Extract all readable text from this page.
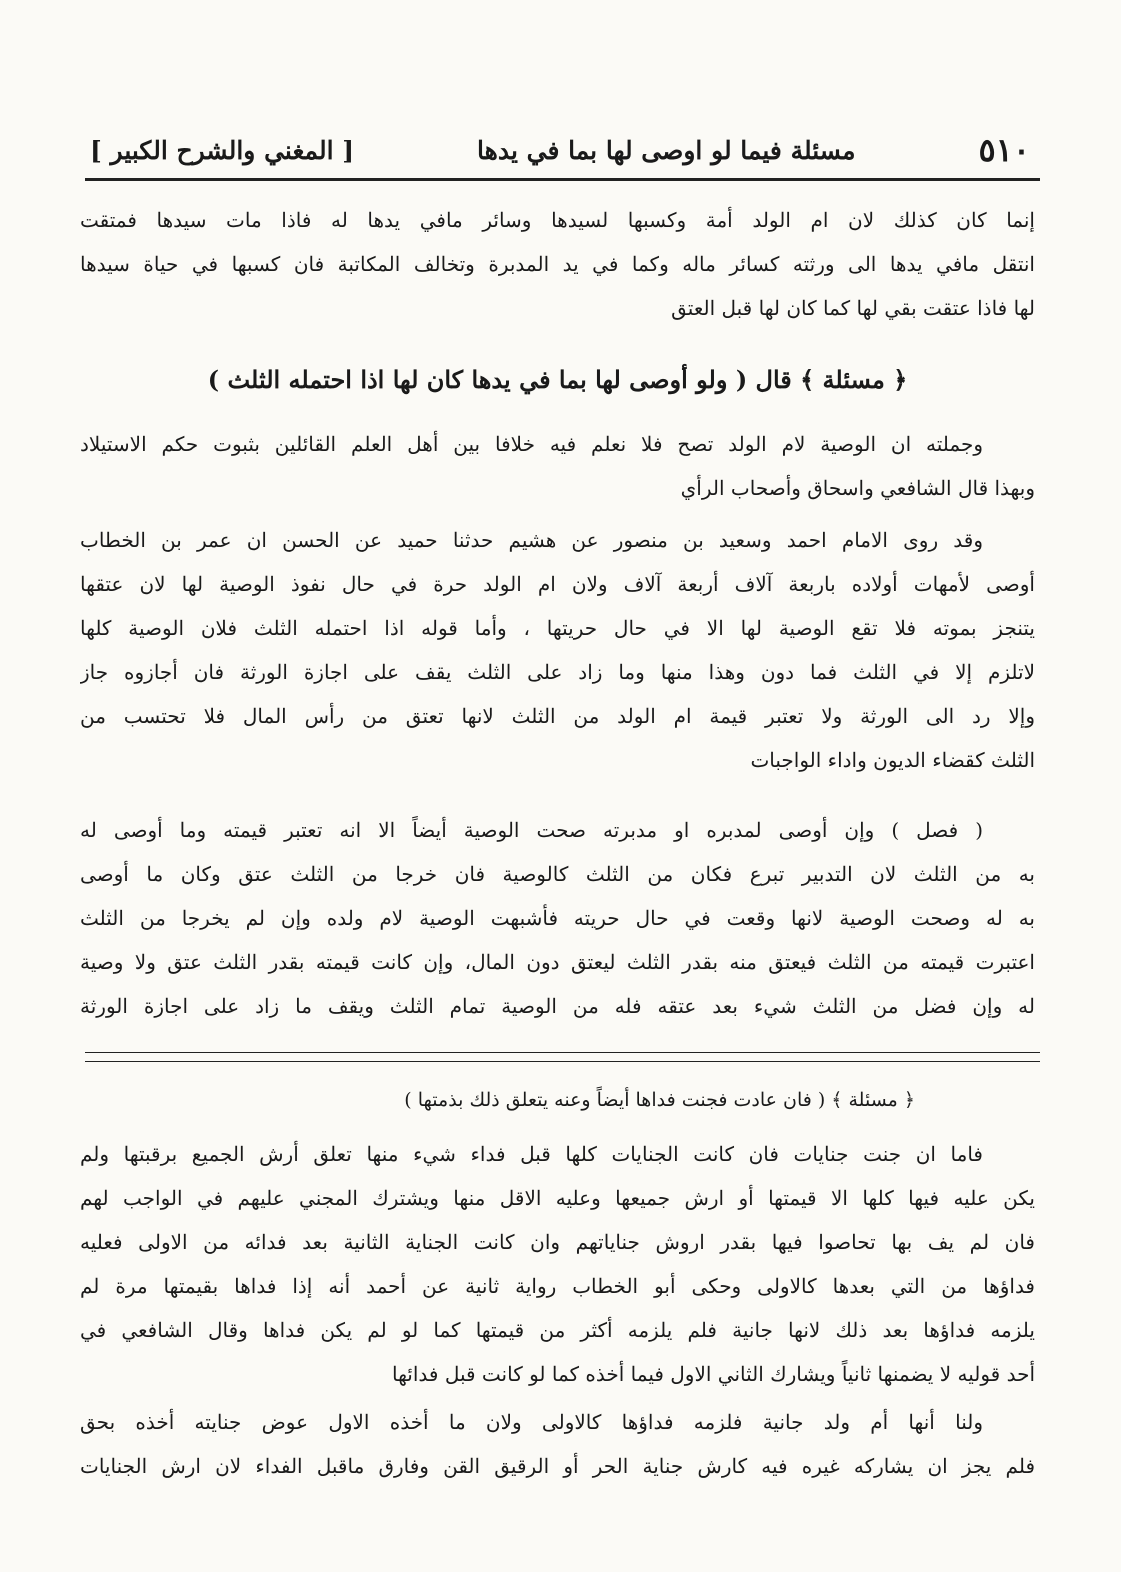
٥١٠
مسئلة فيما لو اوصى لها بما في يدها
[ المغني والشرح الكبير ]
إنما كان كذلك لان ام الولد أمة وكسبها لسيدها وسائر مافي يدها له فاذا مات سيدها فمتقت
انتقل مافي يدها الى ورثته كسائر ماله وكما في يد المدبرة وتخالف المكاتبة فان كسبها في حياة سيدها
لها فاذا عتقت بقي لها كما كان لها قبل العتق
﴿ مسئلة ﴾ قال ( ولو أوصى لها بما في يدها كان لها اذا احتمله الثلث )
وجملته ان الوصية لام الولد تصح فلا نعلم فيه خلافا بين أهل العلم القائلين بثبوت حكم الاستيلاد
وبهذا قال الشافعي واسحاق وأصحاب الرأي
وقد روى الامام احمد وسعيد بن منصور عن هشيم حدثنا حميد عن الحسن ان عمر بن الخطاب
أوصى لأمهات أولاده باربعة آلاف أربعة آلاف ولان ام الولد حرة في حال نفوذ الوصية لها لان عتقها
يتنجز بموته فلا تقع الوصية لها الا في حال حريتها ، وأما قوله اذا احتمله الثلث فلان الوصية كلها
لاتلزم إلا في الثلث فما دون وهذا منها وما زاد على الثلث يقف على اجازة الورثة فان أجازوه جاز
وإلا رد الى الورثة ولا تعتبر قيمة ام الولد من الثلث لانها تعتق من رأس المال فلا تحتسب من
الثلث كقضاء الديون واداء الواجبات
( فصل ) وإن أوصى لمدبره او مدبرته صحت الوصية أيضاً الا انه تعتبر قيمته وما أوصى له
به من الثلث لان التدبير تبرع فكان من الثلث كالوصية فان خرجا من الثلث عتق وكان ما أوصى
به له وصحت الوصية لانها وقعت في حال حريته فأشبهت الوصية لام ولده وإن لم يخرجا من الثلث
اعتبرت قيمته من الثلث فيعتق منه بقدر الثلث ليعتق دون المال، وإن كانت قيمته بقدر الثلث عتق ولا وصية
له وإن فضل من الثلث شيء بعد عتقه فله من الوصية تمام الثلث ويقف ما زاد على اجازة الورثة
﴿ مسئلة ﴾ ( فان عادت فجنت فداها أيضاً وعنه يتعلق ذلك بذمتها )
فاما ان جنت جنايات فان كانت الجنايات كلها قبل فداء شيء منها تعلق أرش الجميع برقبتها ولم
يكن عليه فيها كلها الا قيمتها أو ارش جميعها وعليه الاقل منها ويشترك المجني عليهم في الواجب لهم
فان لم يف بها تحاصوا فيها بقدر اروش جناياتهم وان كانت الجناية الثانية بعد فدائه من الاولى فعليه
فداؤها من التي بعدها كالاولى وحكى أبو الخطاب رواية ثانية عن أحمد أنه إذا فداها بقيمتها مرة لم
يلزمه فداؤها بعد ذلك لانها جانية فلم يلزمه أكثر من قيمتها كما لو لم يكن فداها وقال الشافعي في
أحد قوليه لا يضمنها ثانياً ويشارك الثاني الاول فيما أخذه كما لو كانت قبل فدائها
ولنا أنها أم ولد جانية فلزمه فداؤها كالاولى ولان ما أخذه الاول عوض جنايته أخذه بحق
فلم يجز ان يشاركه غيره فيه كارش جناية الحر أو الرقيق القن وفارق ماقبل الفداء لان ارش الجنايات
